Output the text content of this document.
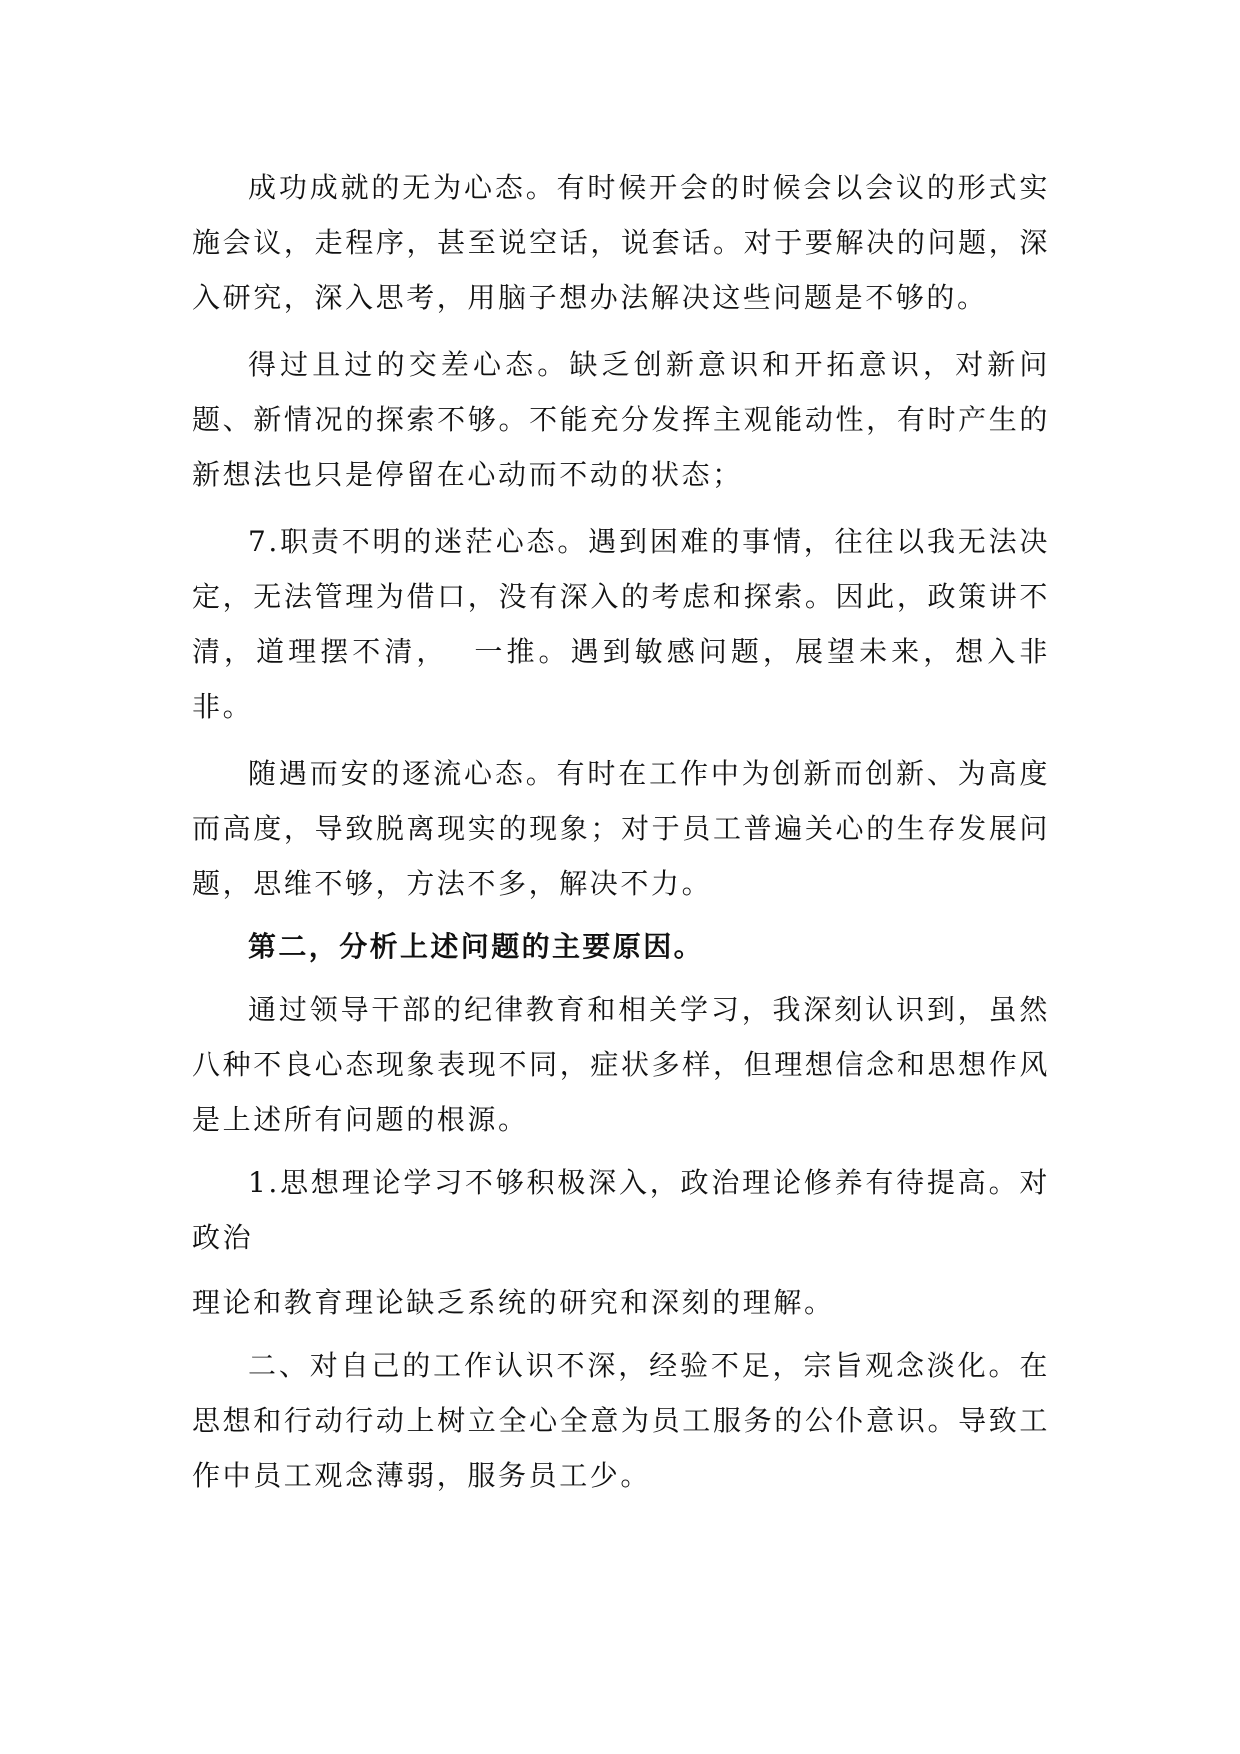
成功成就的无为心态。有时候开会的时候会以会议的形式实施会议，走程序，甚至说空话，说套话。对于要解决的问题，深入研究，深入思考，用脑子想办法解决这些问题是不够的。

得过且过的交差心态。缺乏创新意识和开拓意识，对新问题、新情况的探索不够。不能充分发挥主观能动性，有时产生的新想法也只是停留在心动而不动的状态；

7.职责不明的迷茫心态。遇到困难的事情，往往以我无法决定，无法管理为借口，没有深入的考虑和探索。因此，政策讲不清，道理摆不清，  一推。遇到敏感问题，展望未来，想入非非。

随遇而安的逐流心态。有时在工作中为创新而创新、为高度而高度，导致脱离现实的现象；对于员工普遍关心的生存发展问题，思维不够，方法不多，解决不力。

第二，分析上述问题的主要原因。

通过领导干部的纪律教育和相关学习，我深刻认识到，虽然八种不良心态现象表现不同，症状多样，但理想信念和思想作风是上述所有问题的根源。

1.思想理论学习不够积极深入，政治理论修养有待提高。对政治

理论和教育理论缺乏系统的研究和深刻的理解。

二、对自己的工作认识不深，经验不足，宗旨观念淡化。在思想和行动行动上树立全心全意为员工服务的公仆意识。导致工作中员工观念薄弱，服务员工少。
